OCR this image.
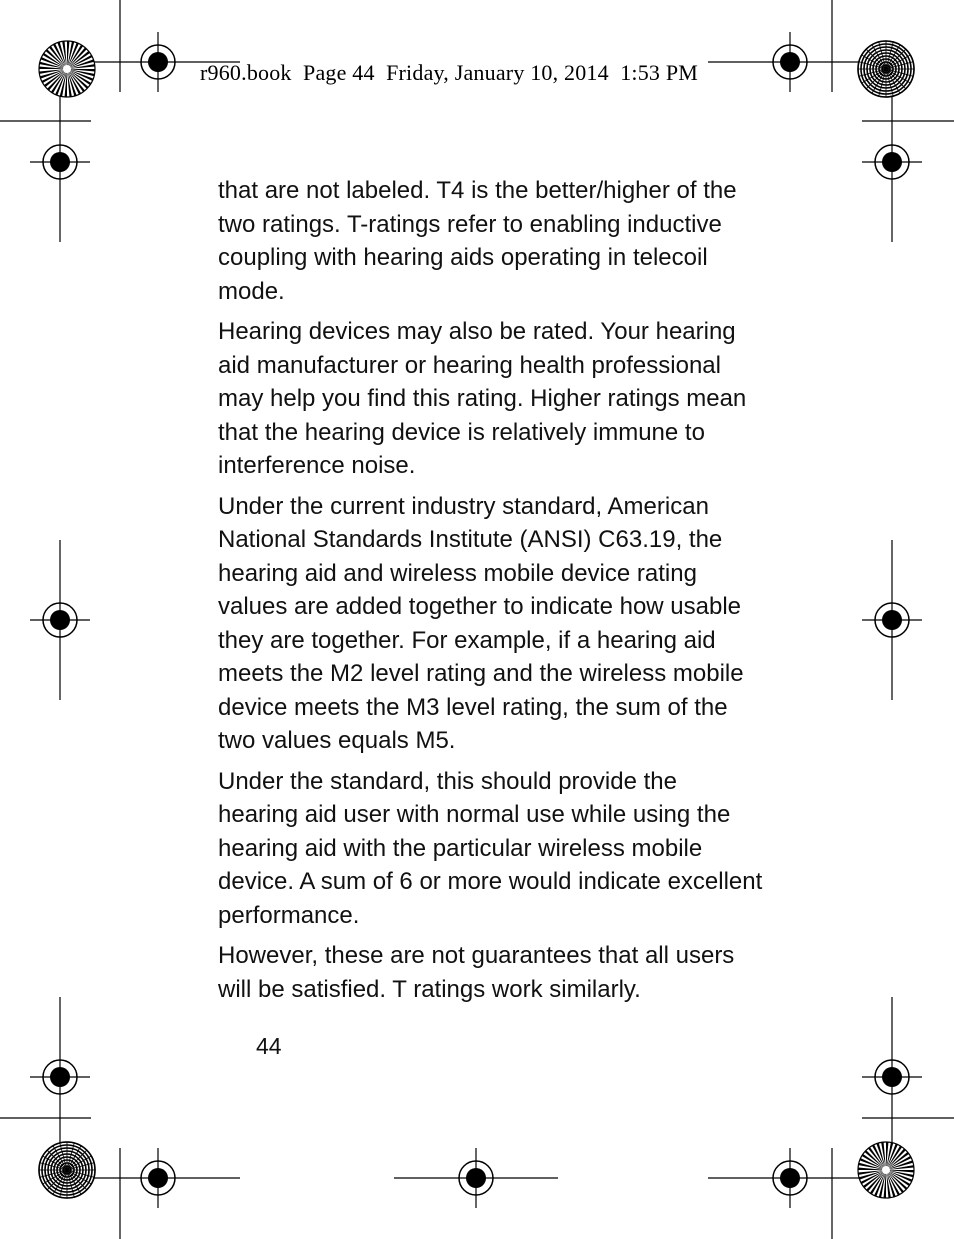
r960.book  Page 44  Friday, January 10, 2014  1:53 PM

that are not labeled. T4 is the better/higher of the two ratings. T-ratings refer to enabling inductive coupling with hearing aids operating in telecoil mode.

Hearing devices may also be rated. Your hearing aid manufacturer or hearing health professional may help you find this rating. Higher ratings mean that the hearing device is relatively immune to interference noise.

Under the current industry standard, American National Standards Institute (ANSI) C63.19, the hearing aid and wireless mobile device rating values are added together to indicate how usable they are together. For example, if a hearing aid meets the M2 level rating and the wireless mobile device meets the M3 level rating, the sum of the two values equals M5.

Under the standard, this should provide the hearing aid user with normal use while using the hearing aid with the particular wireless mobile device. A sum of 6 or more would indicate excellent performance.

However, these are not guarantees that all users will be satisfied. T ratings work similarly.

44
